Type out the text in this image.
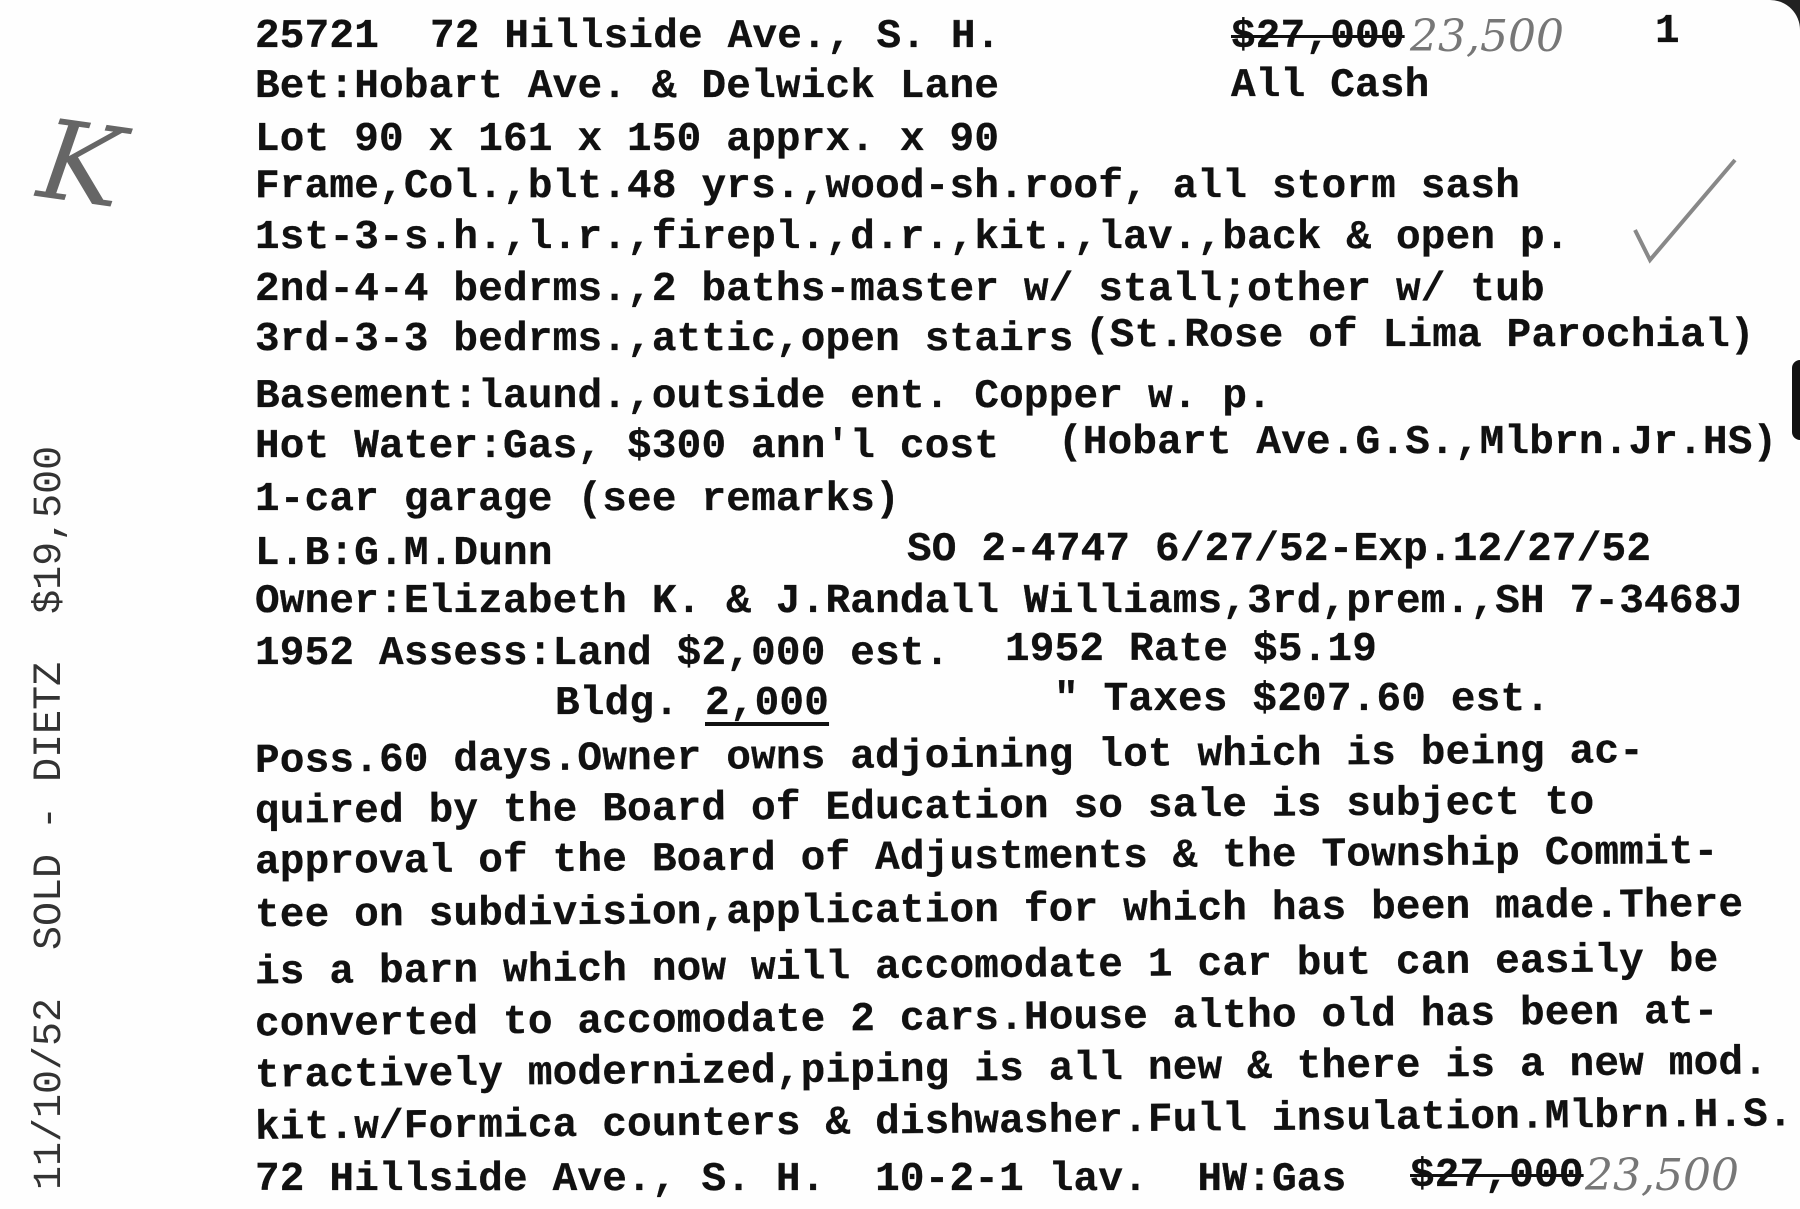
11/10/52  SOLD - DIETZ  $19,500
K
25721 72 Hillside Ave., S. H.	$27,000 23,500 1
All Cash
Bet:Hobart Ave. & Delwick Lane
Lot 90 x 161 x 150 apprx. x 90
Frame,Col.,blt.48 yrs.,wood-sh.roof, all storm sash
1st-3-s.h.,l.r.,firepl.,d.r.,kit.,lav.,back & open p.
2nd-4-4 bedrms.,2 baths-master w/ stall;other w/ tub
3rd-3-3 bedrms.,attic,open stairs (St.Rose of Lima Parochial)
Basement:laund.,outside ent. Copper w. p.
Hot Water:Gas, $300 ann'l cost (Hobart Ave.G.S.,Mlbrn.Jr.HS)
1-car garage (see remarks)
L.B:G.M.Dunn	SO 2-4747 6/27/52-Exp.12/27/52
Owner:Elizabeth K. & J.Randall Williams,3rd,prem.,SH 7-3468J
1952 Assess:Land $2,000 est. 1952 Rate $5.19
Bldg. 2,000	" Taxes $207.60 est.
Poss.60 days.Owner owns adjoining lot which is being ac-
quired by the Board of Education so sale is subject to
approval of the Board of Adjustments & the Township Commit-
tee on subdivision,application for which has been made.There
is a barn which now will accomodate 1 car but can easily be
converted to accomodate 2 cars.House altho old has been at-
tractively modernized,piping is all new & there is a new mod.
kit.w/Formica counters & dishwasher.Full insulation.Mlbrn.H.S.
72 Hillside Ave., S. H.  10-2-1 lav.  HW:Gas $27,000 23,500
